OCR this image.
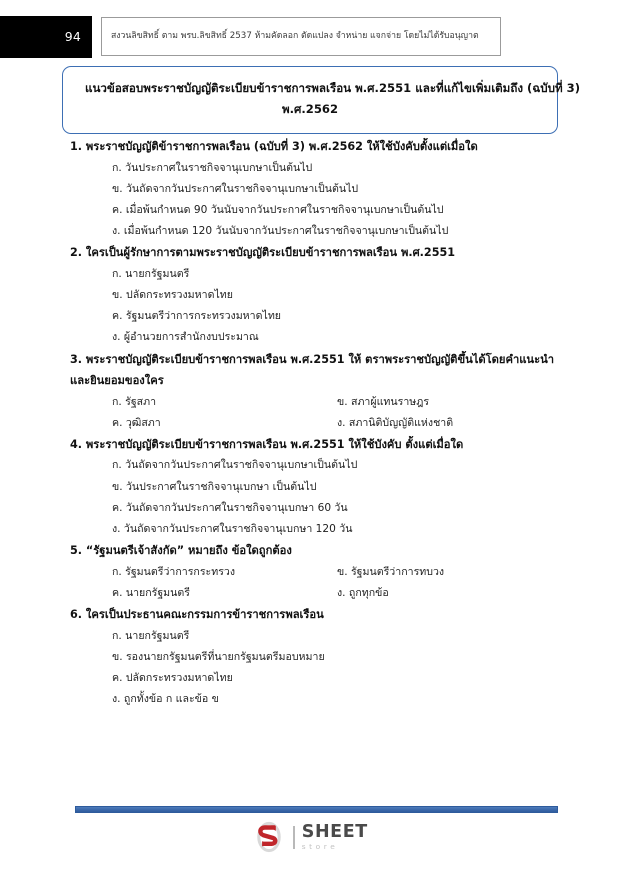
94	สงวนลิขสิทธิ์ ตาม พรบ.ลิขสิทธิ์ 2537 ห้ามคัดลอก ตัดแปลง จำหน่าย แจกจ่าย โดยไม่ได้รับอนุญาต
แนวข้อสอบพระราชบัญญัติระเบียบข้าราชการพลเรือน พ.ศ.2551 และที่แก้ไขเพิ่มเติมถึง (ฉบับที่ 3)
พ.ศ.2562
1. พระราชบัญญัติข้าราชการพลเรือน (ฉบับที่ 3) พ.ศ.2562 ให้ใช้บังคับตั้งแต่เมื่อใด
ก. วันประกาศในราชกิจจานุเบกษาเป็นต้นไป
ข. วันถัดจากวันประกาศในราชกิจจานุเบกษาเป็นต้นไป
ค. เมื่อพ้นกำหนด 90 วันนับจากวันประกาศในราชกิจจานุเบกษาเป็นต้นไป
ง. เมื่อพ้นกำหนด 120 วันนับจากวันประกาศในราชกิจจานุเบกษาเป็นต้นไป
2. ใครเป็นผู้รักษาการตามพระราชบัญญัติระเบียบข้าราชการพลเรือน พ.ศ.2551
ก. นายกรัฐมนตรี
ข. ปลัดกระทรวงมหาดไทย
ค. รัฐมนตรีว่าการกระทรวงมหาดไทย
ง. ผู้อำนวยการสำนักงบประมาณ
3. พระราชบัญญัติระเบียบข้าราชการพลเรือน พ.ศ.2551 ให้ ตราพระราชบัญญัติขึ้นได้โดยคำแนะนำ
และยินยอมของใคร
ก. รัฐสภา	ข. สภาผู้แทนราษฎร
ค. วุฒิสภา	ง. สภานิติบัญญัติแห่งชาติ
4. พระราชบัญญัติระเบียบข้าราชการพลเรือน พ.ศ.2551 ให้ใช้บังคับ ตั้งแต่เมื่อใด
ก. วันถัดจากวันประกาศในราชกิจจานุเบกษาเป็นต้นไป
ข. วันประกาศในราชกิจจานุเบกษา เป็นต้นไป
ค. วันถัดจากวันประกาศในราชกิจจานุเบกษา 60 วัน
ง. วันถัดจากวันประกาศในราชกิจจานุเบกษา 120 วัน
5. “รัฐมนตรีเจ้าสังกัด” หมายถึง ข้อใดถูกต้อง
ก. รัฐมนตรีว่าการกระทรวง	ข. รัฐมนตรีว่าการทบวง
ค. นายกรัฐมนตรี	ง. ถูกทุกข้อ
6. ใครเป็นประธานคณะกรรมการข้าราชการพลเรือน
ก. นายกรัฐมนตรี
ข. รองนายกรัฐมนตรีที่นายกรัฐมนตรีมอบหมาย
ค. ปลัดกระทรวงมหาดไทย
ง. ถูกทั้งข้อ ก และข้อ ข
SHEET
store
